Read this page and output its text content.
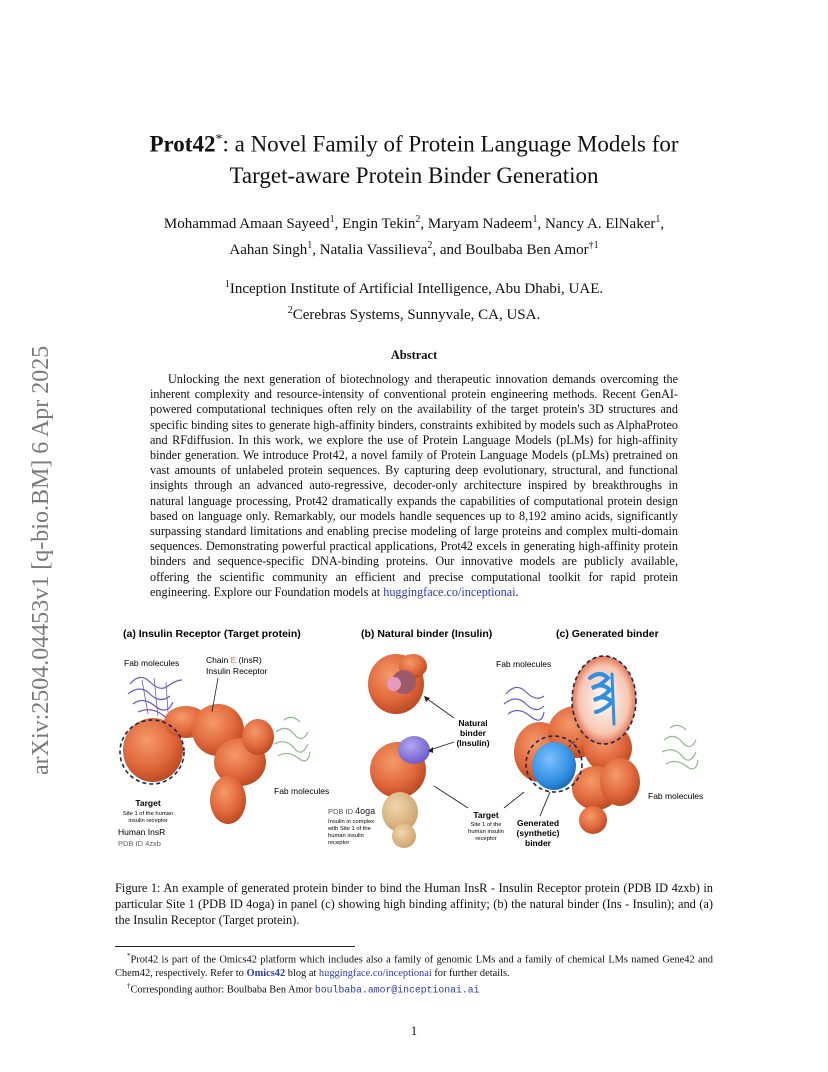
arXiv:2504.04453v1 [q-bio.BM] 6 Apr 2025
Prot42*: a Novel Family of Protein Language Models for
Target-aware Protein Binder Generation
Mohammad Amaan Sayeed$^1$, Engin Tekin$^2$, Maryam Nadeem$^1$, Nancy A. ElNaker$^1$,
Aahan Singh$^1$, Natalia Vassilieva$^2$, and Boulbaba Ben Amor$^{\dagger 1}$
$^1$Inception Institute of Artificial Intelligence, Abu Dhabi, UAE.
$^2$Cerebras Systems, Sunnyvale, CA, USA.
Abstract
Unlocking the next generation of biotechnology and therapeutic innovation demands overcoming the inherent complexity and resource-intensity of conventional protein engineering methods. Recent GenAI-powered computational techniques often rely on the availability of the target protein's 3D structures and specific binding sites to generate high-affinity binders, constraints exhibited by models such as AlphaProteo and RFdiffusion. In this work, we explore the use of Protein Language Models (pLMs) for high-affinity binder generation. We introduce Prot42, a novel family of Protein Language Models (pLMs) pretrained on vast amounts of unlabeled protein sequences. By capturing deep evolutionary, structural, and functional insights through an advanced auto-regressive, decoder-only architecture inspired by breakthroughs in natural language processing, Prot42 dramatically expands the capabilities of computational protein design based on language only. Remarkably, our models handle sequences up to 8,192 amino acids, significantly surpassing standard limitations and enabling precise modeling of large proteins and complex multi-domain sequences. Demonstrating powerful practical applications, Prot42 excels in generating high-affinity protein binders and sequence-specific DNA-binding proteins. Our innovative models are publicly available, offering the scientific community an efficient and precise computational toolkit for rapid protein engineering. Explore our Foundation models at huggingface.co/inceptionai.
(a) Insulin Receptor (Target protein)	(b) Natural binder (Insulin)	(c) Generated binder
Fab molecules	Chain E (InsR)
Insulin Receptor
Fab molecules
Target
Site 1 of the human
insulin receptor
Human InsR
PDB ID 4zxb
Natural
binder
(Insulin)
PDB ID 4oga
Insulin in complex
with Site 1 of the
human insulin
receptor
Target
Site 1 of the
human insulin
receptor
Fab molecules
Fab molecules
Generated
(synthetic)
binder
Figure 1: An example of generated protein binder to bind the Human InsR - Insulin Receptor protein (PDB ID 4zxb) in particular Site 1 (PDB ID 4oga) in panel (c) showing high binding affinity; (b) the natural binder (Ins - Insulin); and (a) the Insulin Receptor (Target protein).

*Prot42 is part of the Omics42 platform which includes also a family of genomic LMs and a family of chemical LMs named Gene42 and Chem42, respectively. Refer to Omics42 blog at huggingface.co/inceptionai for further details.

†Corresponding author: Boulbaba Ben Amor boulbaba.amor@inceptionai.ai

1
